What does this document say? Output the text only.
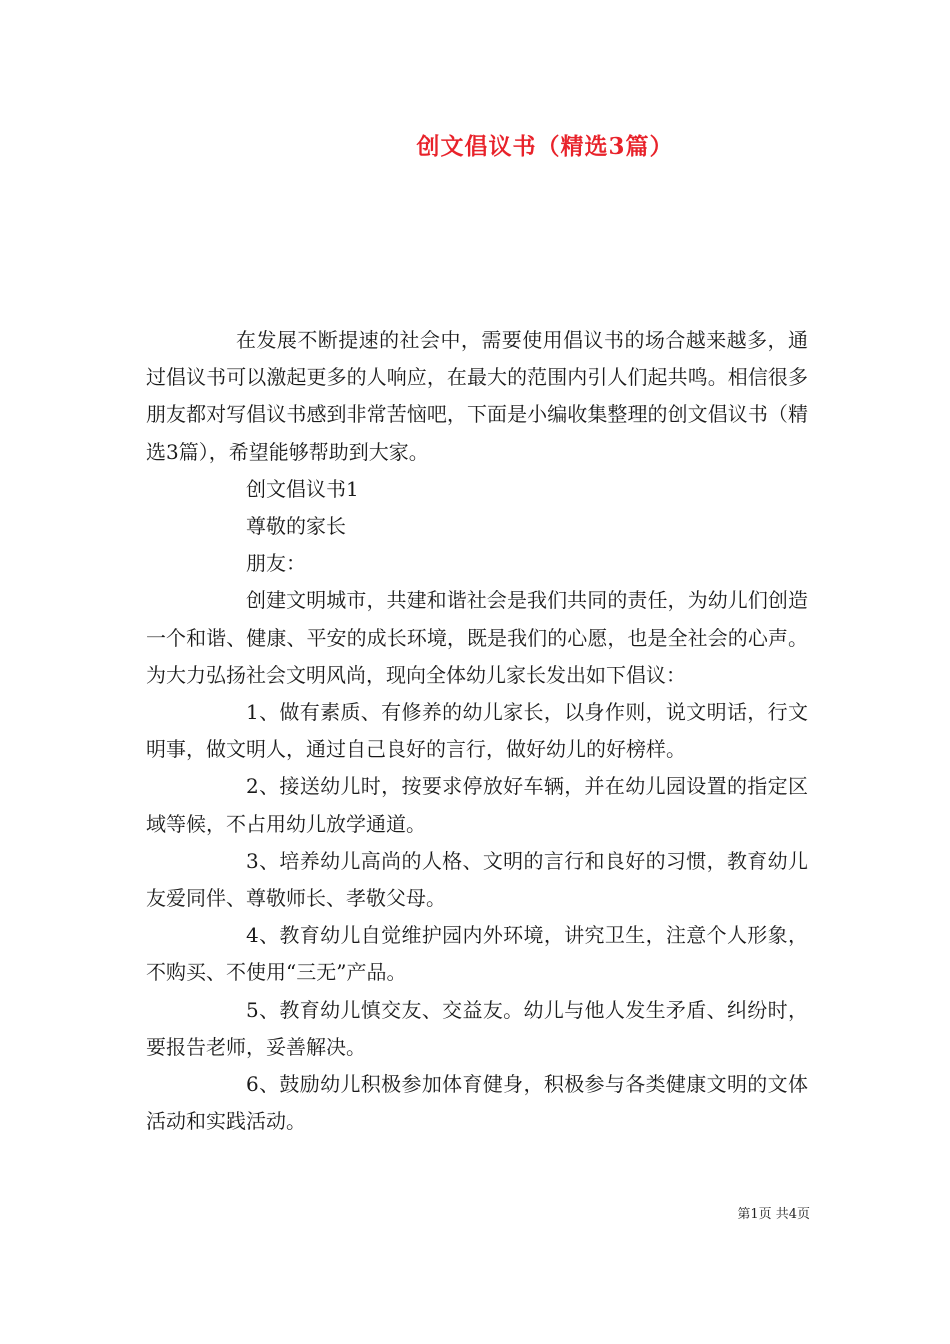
创文倡议书（精选3篇）

在发展不断提速的社会中，需要使用倡议书的场合越来越多，通过倡议书可以激起更多的人响应，在最大的范围内引人们起共鸣。相信很多朋友都对写倡议书感到非常苦恼吧，下面是小编收集整理的创文倡议书（精选3篇），希望能够帮助到大家。

创文倡议书1

尊敬的家长

朋友：

创建文明城市，共建和谐社会是我们共同的责任，为幼儿们创造一个和谐、健康、平安的成长环境，既是我们的心愿，也是全社会的心声。为大力弘扬社会文明风尚，现向全体幼儿家长发出如下倡议：

1、做有素质、有修养的幼儿家长，以身作则，说文明话，行文明事，做文明人，通过自己良好的言行，做好幼儿的好榜样。

2、接送幼儿时，按要求停放好车辆，并在幼儿园设置的指定区域等候，不占用幼儿放学通道。

3、培养幼儿高尚的人格、文明的言行和良好的习惯，教育幼儿友爱同伴、尊敬师长、孝敬父母。

4、教育幼儿自觉维护园内外环境，讲究卫生，注意个人形象，不购买、不使用“三无”产品。

5、教育幼儿慎交友、交益友。幼儿与他人发生矛盾、纠纷时，要报告老师，妥善解决。

6、鼓励幼儿积极参加体育健身，积极参与各类健康文明的文体活动和实践活动。

第1页 共4页
